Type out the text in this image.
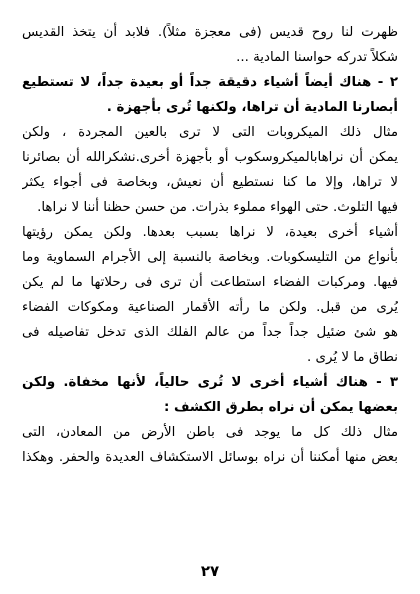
ظهرت لنا روح قديس (فى معجزة مثلاً). فلابد أن يتخذ القديس
شكلاً تدركه حواسنا المادية ...
٢ - هناك أيضاً أشياء دقيقة جداً أو بعيدة جداً، لا تستطيع
أبصارنا المادية أن تراها، ولكنها تُرى بأجهزة .
مثال ذلك الميكروبات التى لا ترى بالعين المجردة ، ولكن
يمكن أن نراهابالميكروسكوب أو بأجهزة أخرى.نشكرالله أن بصائرنا
لا تراها، وإلا ما كنا نستطيع أن نعيش، وبخاصة فى أجواء يكثر
فيها التلوث. حتى الهواء مملوء بذرات. من حسن حظنا أننا لا نراها.
أشياء أخرى بعيدة، لا نراها بسبب بعدها. ولكن يمكن رؤيتها
بأنواع من التليسكوبات. وبخاصة بالنسبة إلى الأجرام السماوية وما
فيها. ومركبات الفضاء استطاعت أن ترى فى رحلاتها ما لم يكن
يُرى من قبل. ولكن ما رأته الأقمار الصناعية ومكوكات الفضاء
هو شئ ضئيل جداً جداً من عالم الفلك الذى تدخل تفاصيله فى
نطاق ما لا يُرى .
٣ - هناك أشياء أخرى لا تُرى حالياً، لأنها مخفاة. ولكن
بعضها يمكن أن نراه بطرق الكشف :
مثال ذلك كل ما يوجد فى باطن الأرض من المعادن، التى
بعض منها أمكننا أن نراه بوسائل الاستكشاف العديدة والحفر. وهكذا
٢٧
